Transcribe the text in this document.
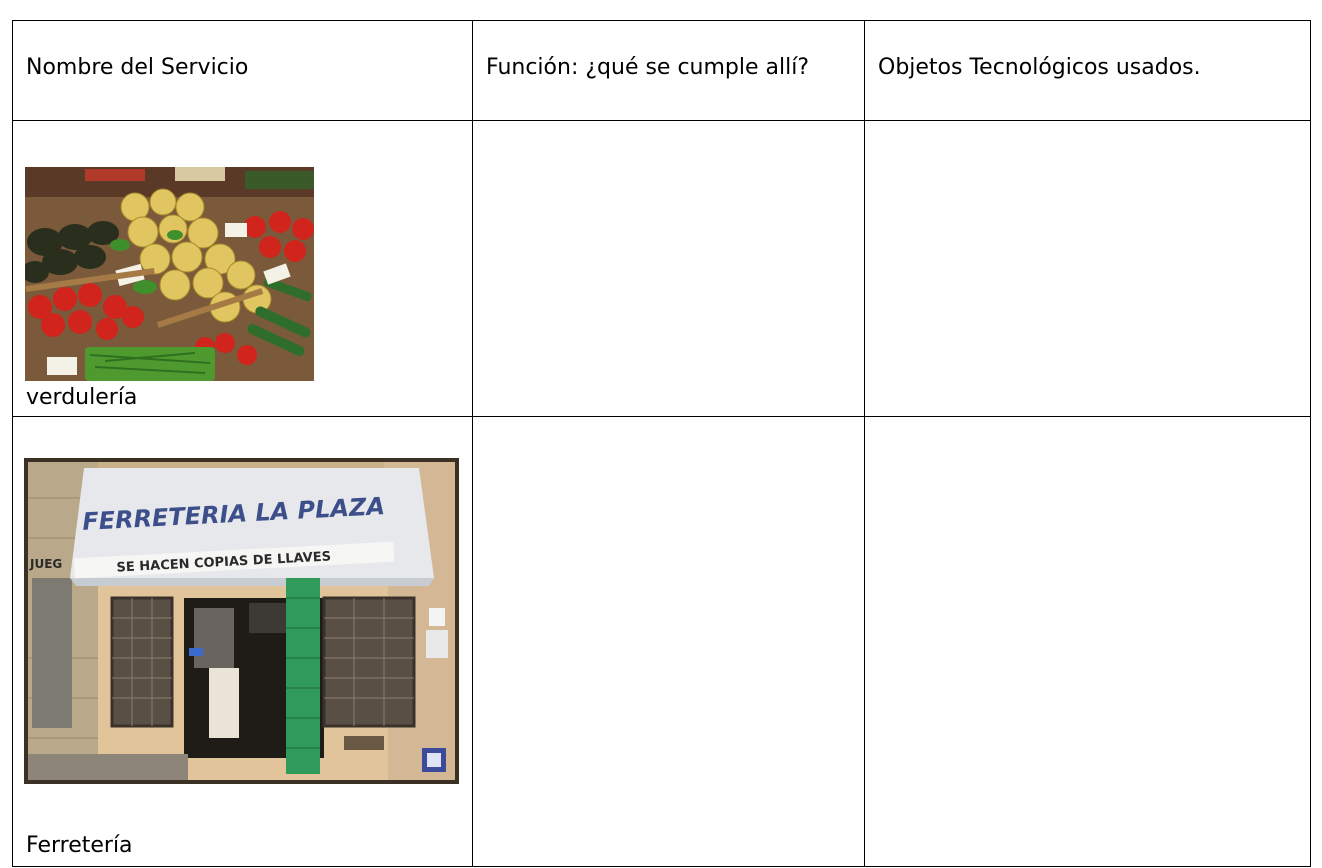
Nombre del Servicio	Función: ¿qué se cumple allí?	Objetos Tecnológicos usados.

verdulería		

FERRETERIA LA PLAZA
SE HACEN COPIAS DE LLAVES
JUEG
Ferretería		
